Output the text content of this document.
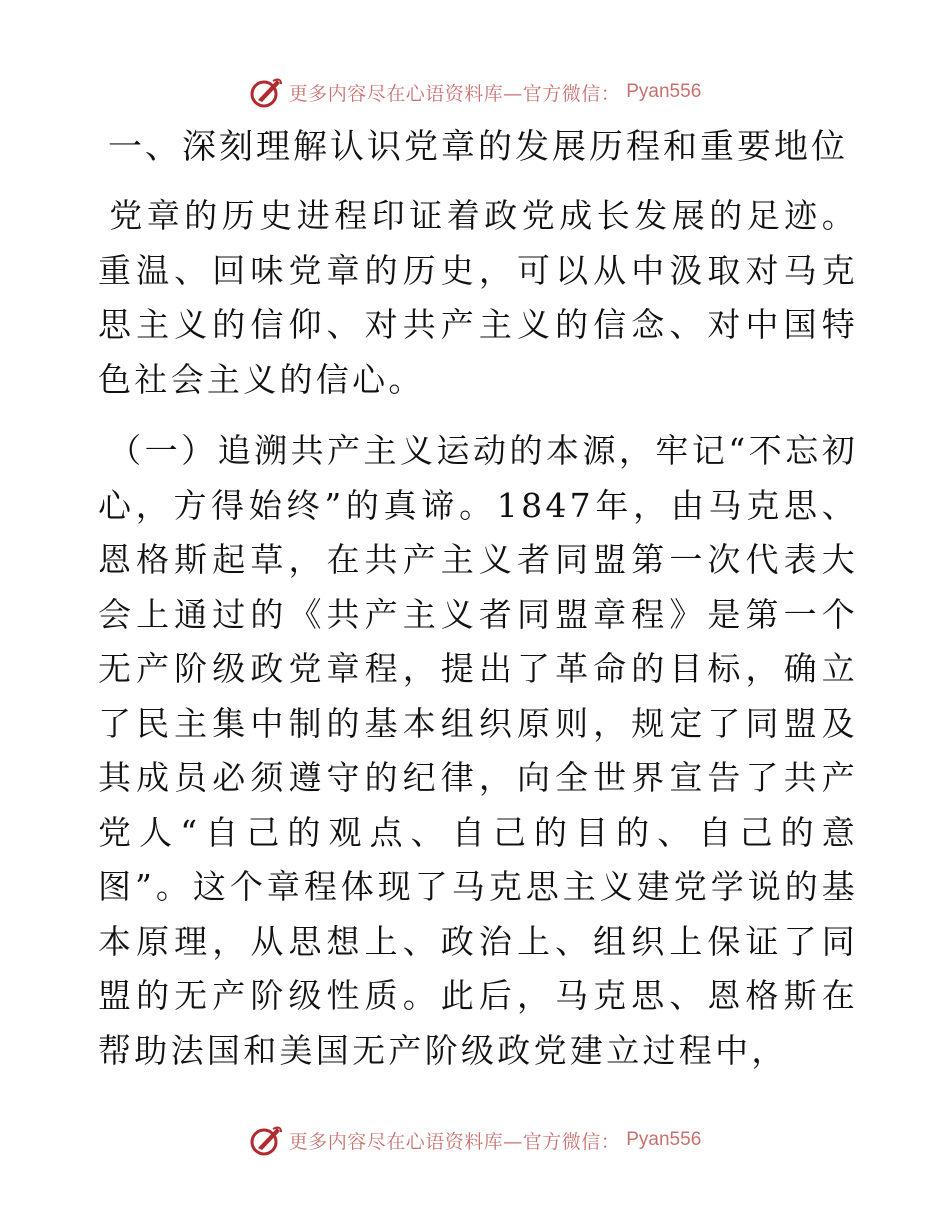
更多内容尽在心语资料库—官方微信： Pyan556
一、深刻理解认识党章的发展历程和重要地位

党章的历史进程印证着政党成长发展的足迹。重温、回味党章的历史，可以从中汲取对马克思主义的信仰、对共产主义的信念、对中国特色社会主义的信心。

（一）追溯共产主义运动的本源，牢记“不忘初心，方得始终”的真谛。1847年，由马克思、恩格斯起草，在共产主义者同盟第一次代表大会上通过的《共产主义者同盟章程》是第一个无产阶级政党章程，提出了革命的目标，确立了民主集中制的基本组织原则，规定了同盟及其成员必须遵守的纪律，向全世界宣告了共产党人“自己的观点、自己的目的、自己的意图”。这个章程体现了马克思主义建党学说的基本原理，从思想上、政治上、组织上保证了同盟的无产阶级性质。此后，马克思、恩格斯在帮助法国和美国无产阶级政党建立过程中，

更多内容尽在心语资料库—官方微信： Pyan556
